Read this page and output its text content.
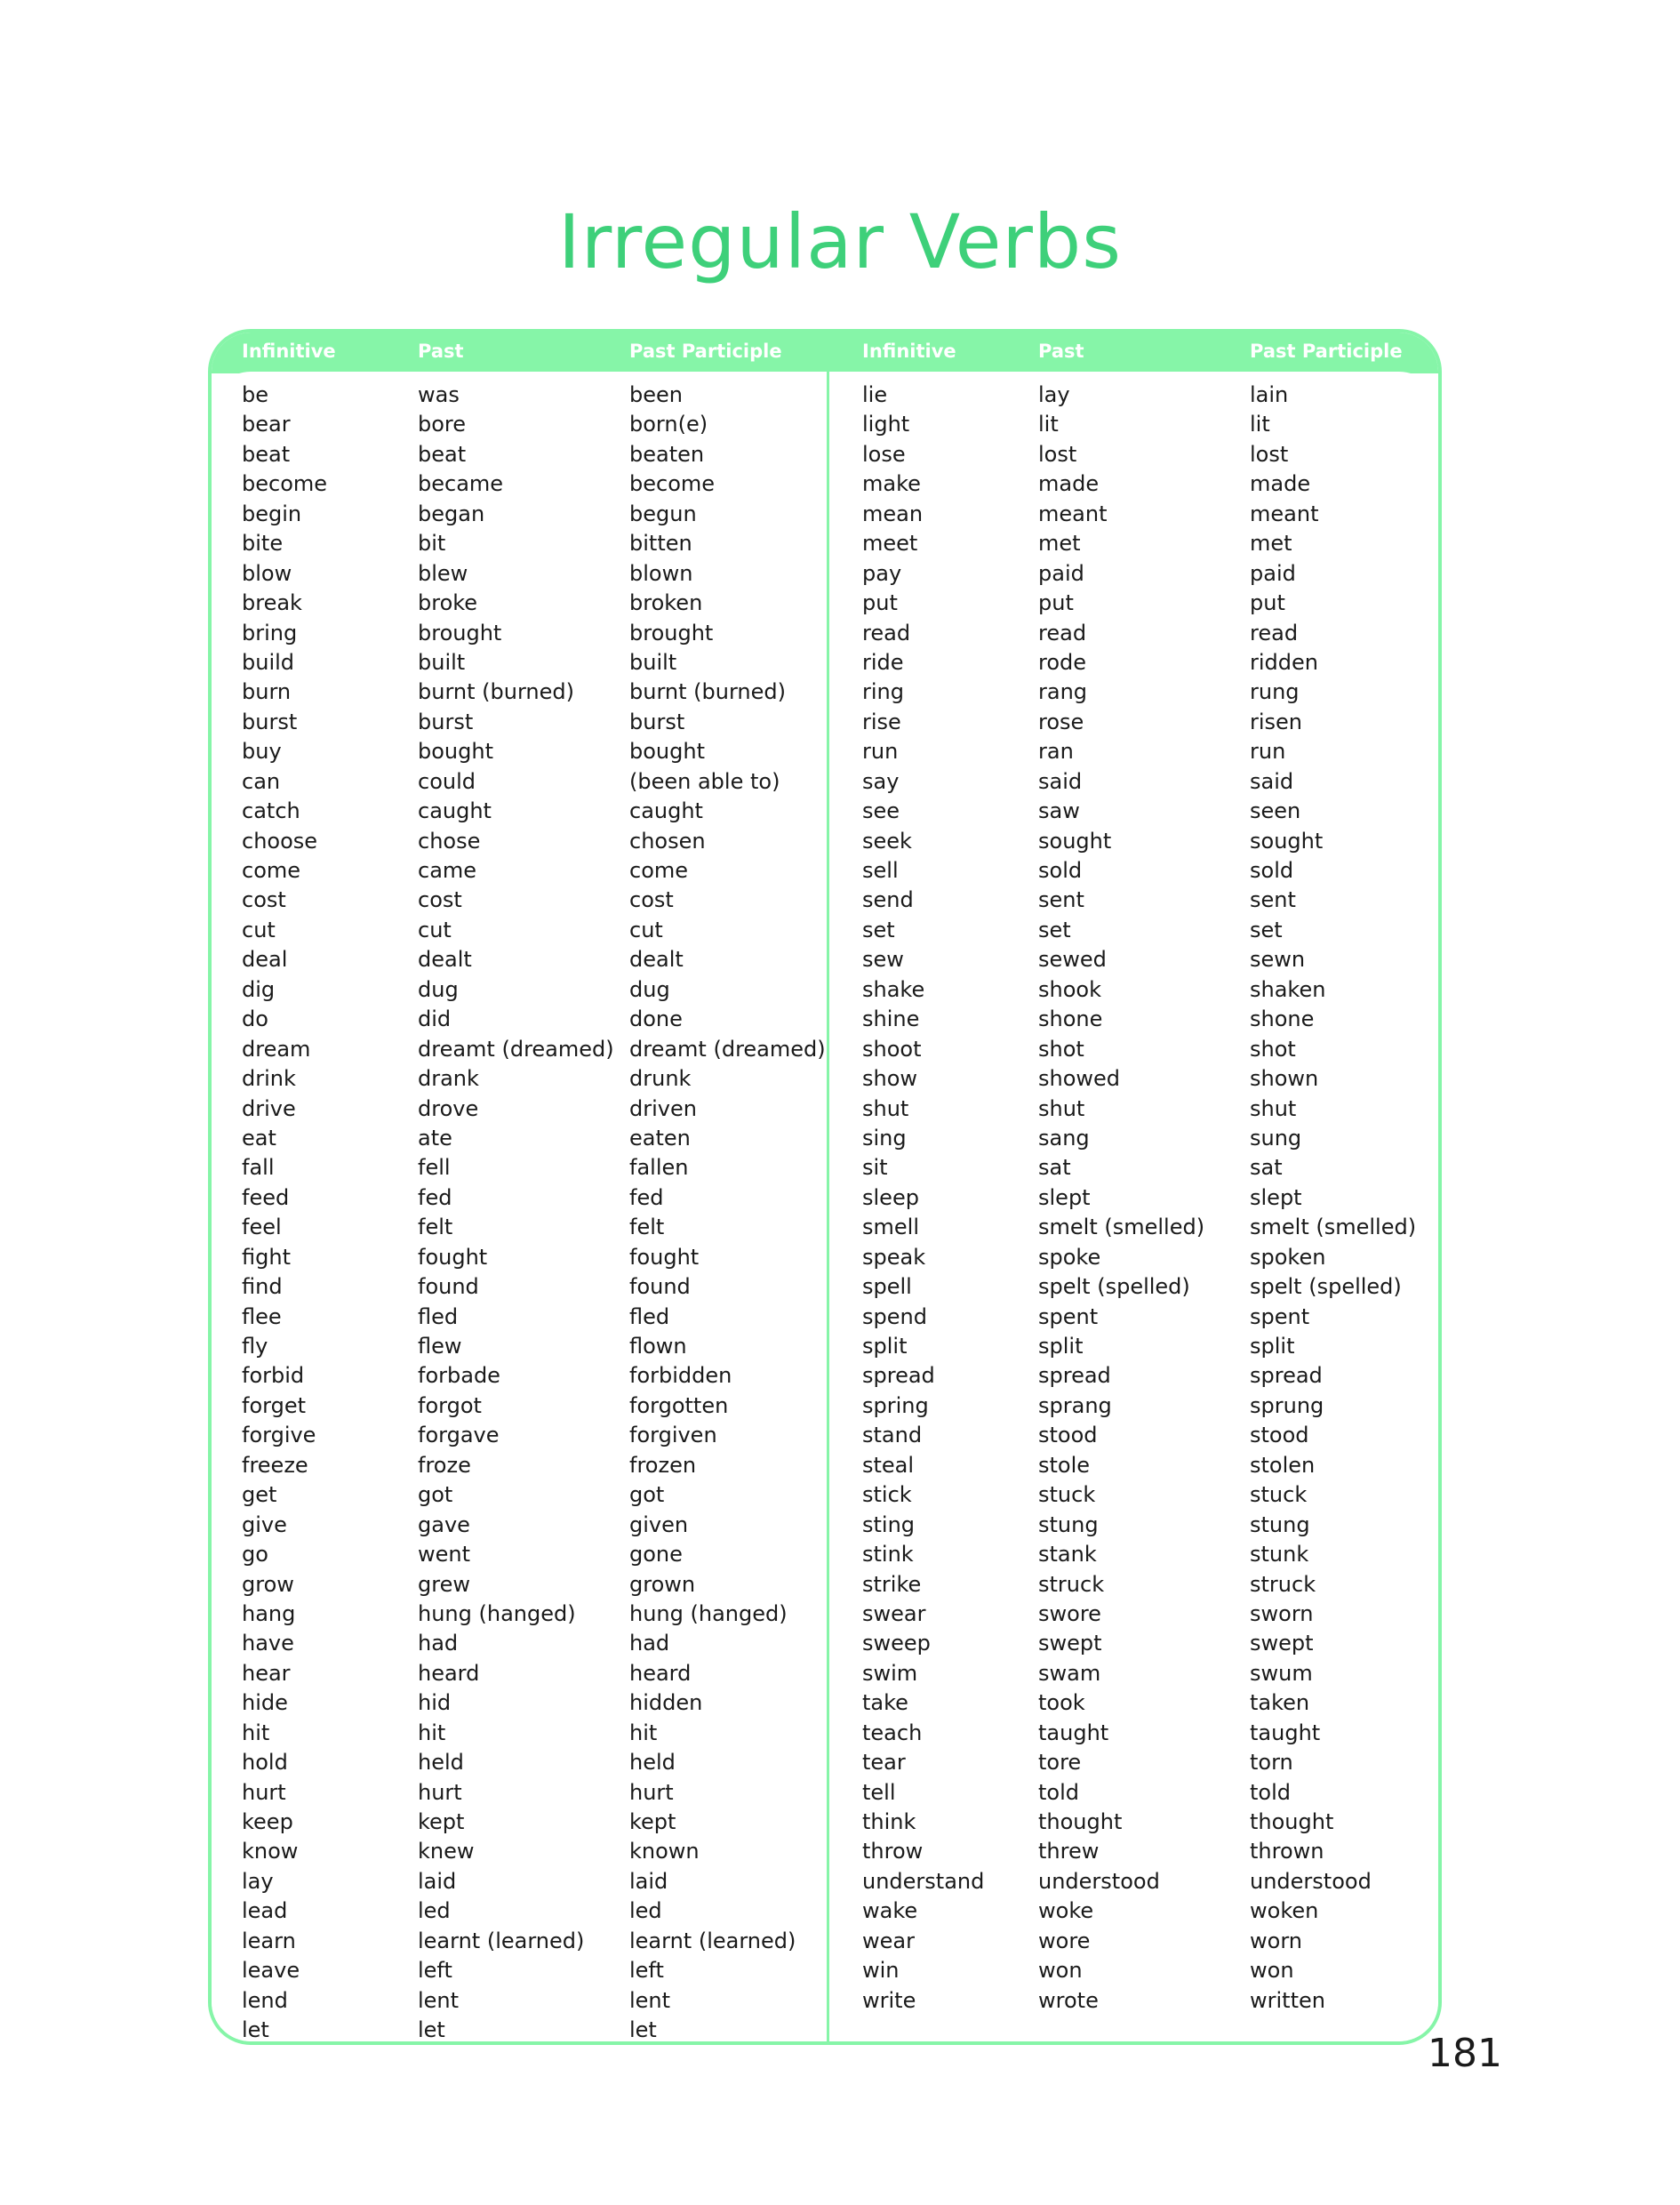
Irregular Verbs
Infinitive	Past	Past Participle	Infinitive	Past	Past Participle
be	was	been
bear	bore	born(e)
beat	beat	beaten
become	became	become
begin	began	begun
bite	bit	bitten
blow	blew	blown
break	broke	broken
bring	brought	brought
build	built	built
burn	burnt (burned)	burnt (burned)
burst	burst	burst
buy	bought	bought
can	could	(been able to)
catch	caught	caught
choose	chose	chosen
come	came	come
cost	cost	cost
cut	cut	cut
deal	dealt	dealt
dig	dug	dug
do	did	done
dream	dreamt (dreamed) dreamt (dreamed)
drink	drank	drunk
drive	drove	driven
eat	ate	eaten
fall	fell	fallen
feed	fed	fed
feel	felt	felt
fight	fought	fought
find	found	found
flee	fled	fled
fly	flew	flown
forbid	forbade	forbidden
forget	forgot	forgotten
forgive	forgave	forgiven
freeze	froze	frozen
get	got	got
give	gave	given
go	went	gone
grow	grew	grown
hang	hung (hanged)	hung (hanged)
have	had	had
hear	heard	heard
hide	hid	hidden
hit	hit	hit
hold	held	held
hurt	hurt	hurt
keep	kept	kept
know	knew	known
lay	laid	laid
lead	led	led
learn	learnt (learned) learnt (learned)
leave	left	left
lend	lent	lent
let	let	let
lie	lay	lain
light	lit	lit
lose	lost	lost
make	made	made
mean	meant	meant
meet	met	met
pay	paid	paid
put	put	put
read	read	read
ride	rode	ridden
ring	rang	rung
rise	rose	risen
run	ran	run
say	said	said
see	saw	seen
seek	sought	sought
sell	sold	sold
send	sent	sent
set	set	set
sew	sewed	sewn
shake	shook	shaken
shine	shone	shone
shoot	shot	shot
show	showed	shown
shut	shut	shut
sing	sang	sung
sit	sat	sat
sleep	slept	slept
smell	smelt (smelled) smelt (smelled)
speak	spoke	spoken
spell	spelt (spelled)	spelt (spelled)
spend	spent	spent
split	split	split
spread	spread	spread
spring	sprang	sprung
stand	stood	stood
steal	stole	stolen
stick	stuck	stuck
sting	stung	stung
stink	stank	stunk
strike	struck	struck
swear	swore	sworn
sweep	swept	swept
swim	swam	swum
take	took	taken
teach	taught	taught
tear	tore	torn
tell	told	told
think	thought	thought
throw	threw	thrown
understand	understood	understood
wake	woke	woken
wear	wore	worn
win	won	won
write	wrote	written
181
